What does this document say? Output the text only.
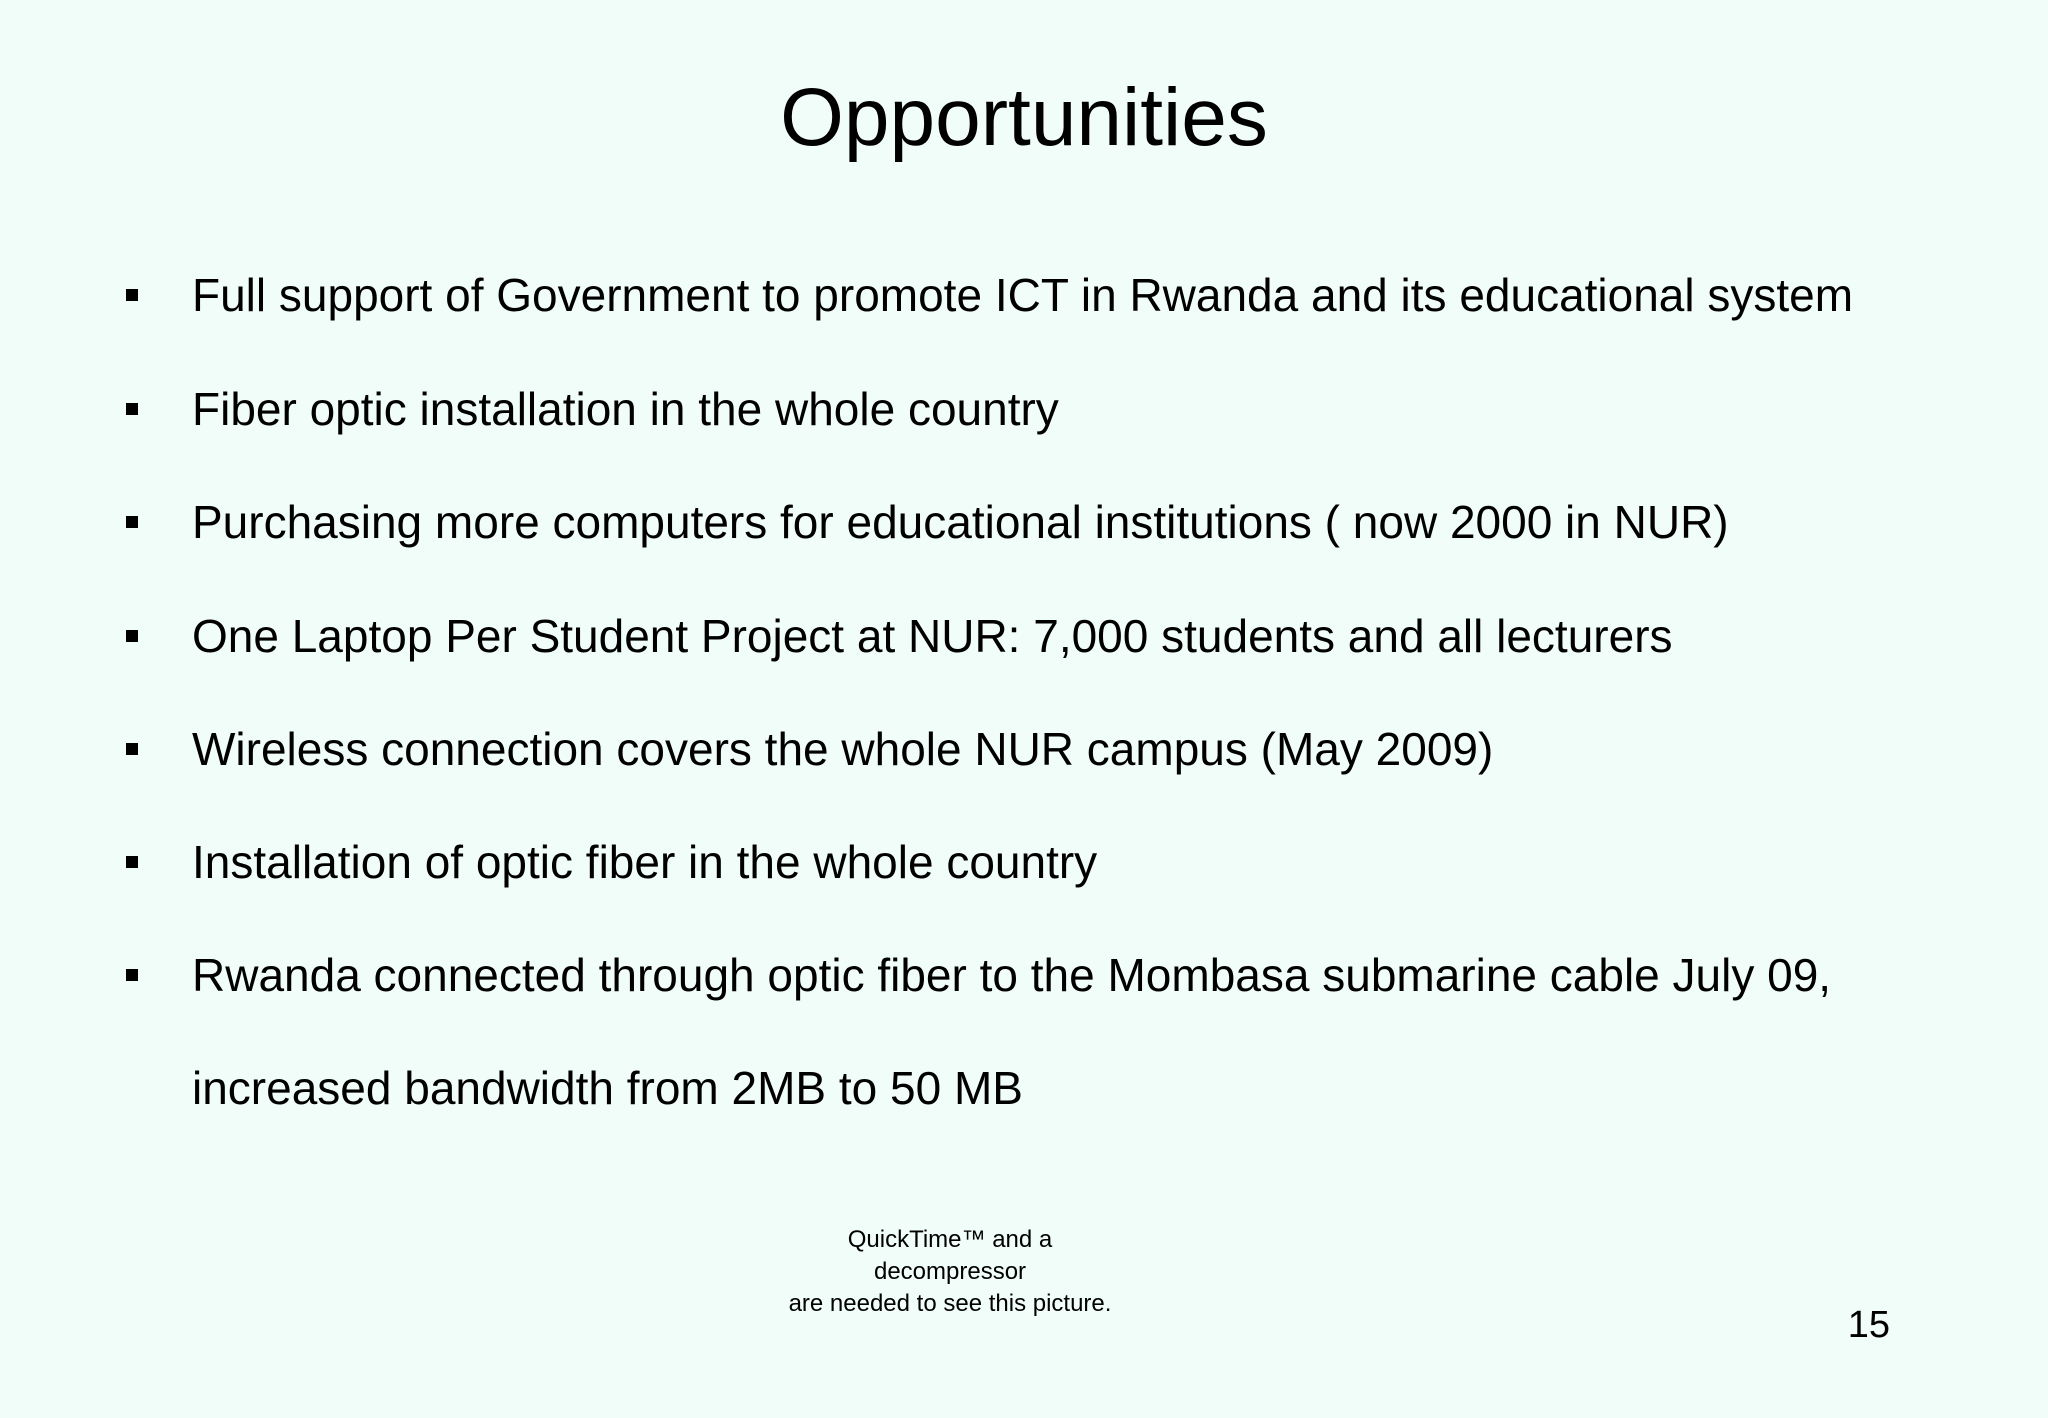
Opportunities
Full support of Government to promote ICT in Rwanda and its educational system
Fiber optic installation in the whole country
Purchasing more computers for educational institutions ( now 2000 in NUR)
One Laptop Per Student Project at NUR: 7,000 students and all lecturers
Wireless connection covers the whole NUR campus (May 2009)
Installation of optic fiber in the whole country
Rwanda connected through optic fiber to the Mombasa submarine cable July 09,
increased bandwidth from 2MB to 50 MB
QuickTime™ and a
decompressor
are needed to see this picture.
15
